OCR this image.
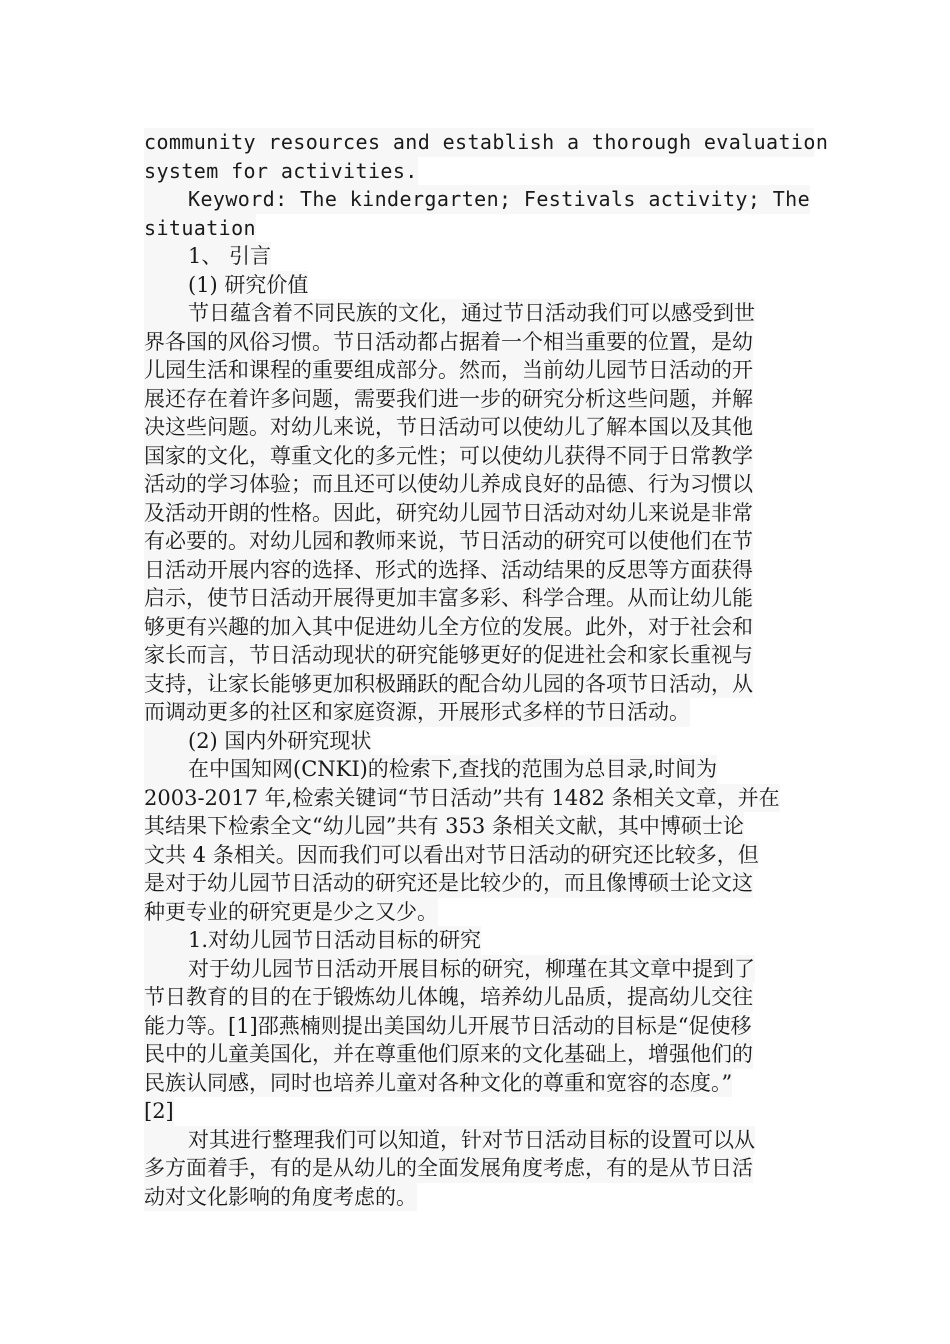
community resources and establish a thorough evaluation
system for activities.
Keyword: The kindergarten; Festivals activity; The
situation
1、 引言
(1) 研究价值
节日蕴含着不同民族的文化，通过节日活动我们可以感受到世
界各国的风俗习惯。节日活动都占据着一个相当重要的位置，是幼
儿园生活和课程的重要组成部分。然而，当前幼儿园节日活动的开
展还存在着许多问题，需要我们进一步的研究分析这些问题，并解
决这些问题。对幼儿来说，节日活动可以使幼儿了解本国以及其他
国家的文化，尊重文化的多元性；可以使幼儿获得不同于日常教学
活动的学习体验；而且还可以使幼儿养成良好的品德、行为习惯以
及活动开朗的性格。因此，研究幼儿园节日活动对幼儿来说是非常
有必要的。对幼儿园和教师来说，节日活动的研究可以使他们在节
日活动开展内容的选择、形式的选择、活动结果的反思等方面获得
启示，使节日活动开展得更加丰富多彩、科学合理。从而让幼儿能
够更有兴趣的加入其中促进幼儿全方位的发展。此外，对于社会和
家长而言，节日活动现状的研究能够更好的促进社会和家长重视与
支持，让家长能够更加积极踊跃的配合幼儿园的各项节日活动，从
而调动更多的社区和家庭资源，开展形式多样的节日活动。
(2) 国内外研究现状
在中国知网(CNKI)的检索下,查找的范围为总目录,时间为
2003-2017 年,检索关键词“节日活动”共有 1482 条相关文章，并在
其结果下检索全文“幼儿园”共有 353 条相关文献，其中博硕士论
文共 4 条相关。因而我们可以看出对节日活动的研究还比较多，但
是对于幼儿园节日活动的研究还是比较少的，而且像博硕士论文这
种更专业的研究更是少之又少。
1.对幼儿园节日活动目标的研究
对于幼儿园节日活动开展目标的研究，柳瑾在其文章中提到了
节日教育的目的在于锻炼幼儿体魄，培养幼儿品质，提高幼儿交往
能力等。[1]邵燕楠则提出美国幼儿开展节日活动的目标是“促使移
民中的儿童美国化，并在尊重他们原来的文化基础上，增强他们的
民族认同感，同时也培养儿童对各种文化的尊重和宽容的态度。”
[2]
对其进行整理我们可以知道，针对节日活动目标的设置可以从
多方面着手，有的是从幼儿的全面发展角度考虑，有的是从节日活
动对文化影响的角度考虑的。
